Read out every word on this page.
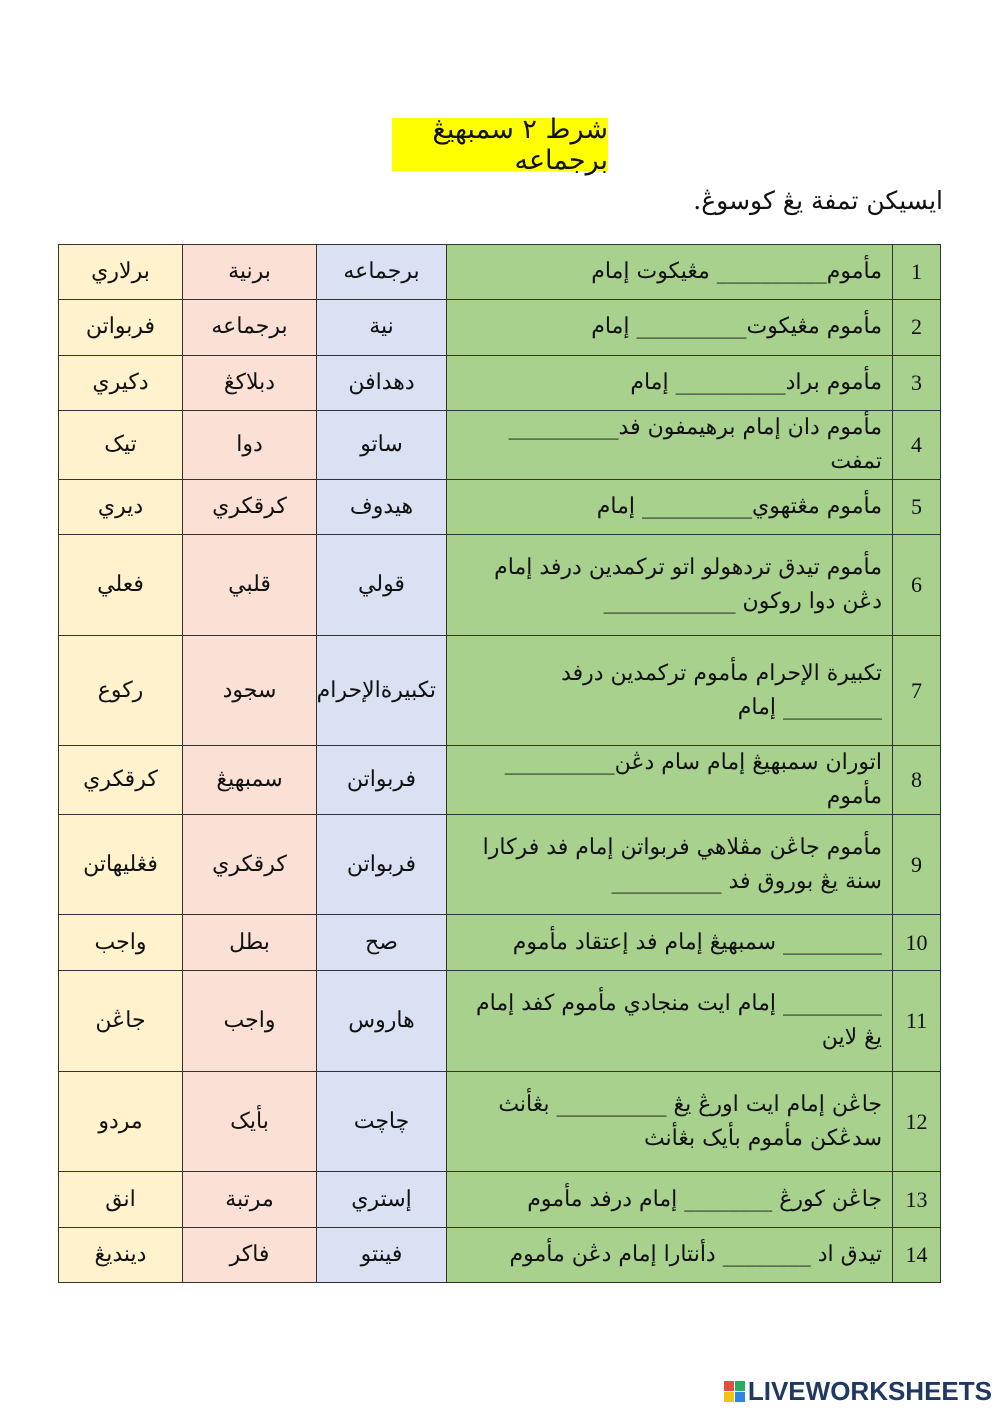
شرط ٢ سمبهيڠ برجماعه
ايسيکن تمفة يڠ کوسوڠ.
1	مأموم__________ مڠيکوت إمام	برجماعه	برنية	برلاري
2	مأموم مڠيکوت__________ إمام	نية	برجماعه	فربواتن
3	مأموم براد__________ إمام	دهدافن	دبلاکڠ	دکيري
4	مأموم دان إمام برهيمفون فد__________ تمفت	ساتو	دوا	تيک
5	مأموم مڠتهوي__________ إمام	هيدوف	کرقکري	ديري
6	مأموم تيدق تردهولو اتو ترکمدين درفد إمام دڠن دوا روکون ____________	قولي	قلبي	فعلي
7	تکبيرة الإحرام مأموم ترکمدين درفد _________ إمام	تکبيرةالإحرام	سجود	رکوع
8	اتوران سمبهيڠ إمام سام دڠن__________ مأموم	فربواتن	سمبهيڠ	کرقکري
9	مأموم جاڠن مڤلاهي فربواتن إمام فد فرکارا سنة يڠ بوروق فد __________	فربواتن	کرقکري	فڠليهاتن
10	_________ سمبهيڠ إمام فد إعتقاد مأموم	صح	بطل	واجب
11	_________ إمام ايت منجادي مأموم کفد إمام يڠ لاين	هاروس	واجب	جاڠن
12	جاڠن إمام ايت اورڠ يڠ __________ بڠأنث سدڠکن مأموم بأيک بڠأنث	چاچت	بأيک	مردو
13	جاڠن کورڠ ________ إمام درفد مأموم	إستري	مرتبة	انق
14	تيدق اد ________ دأنتارا إمام دڠن مأموم	فينتو	فاکر	دينديڠ
LIVEWORKSHEETS
